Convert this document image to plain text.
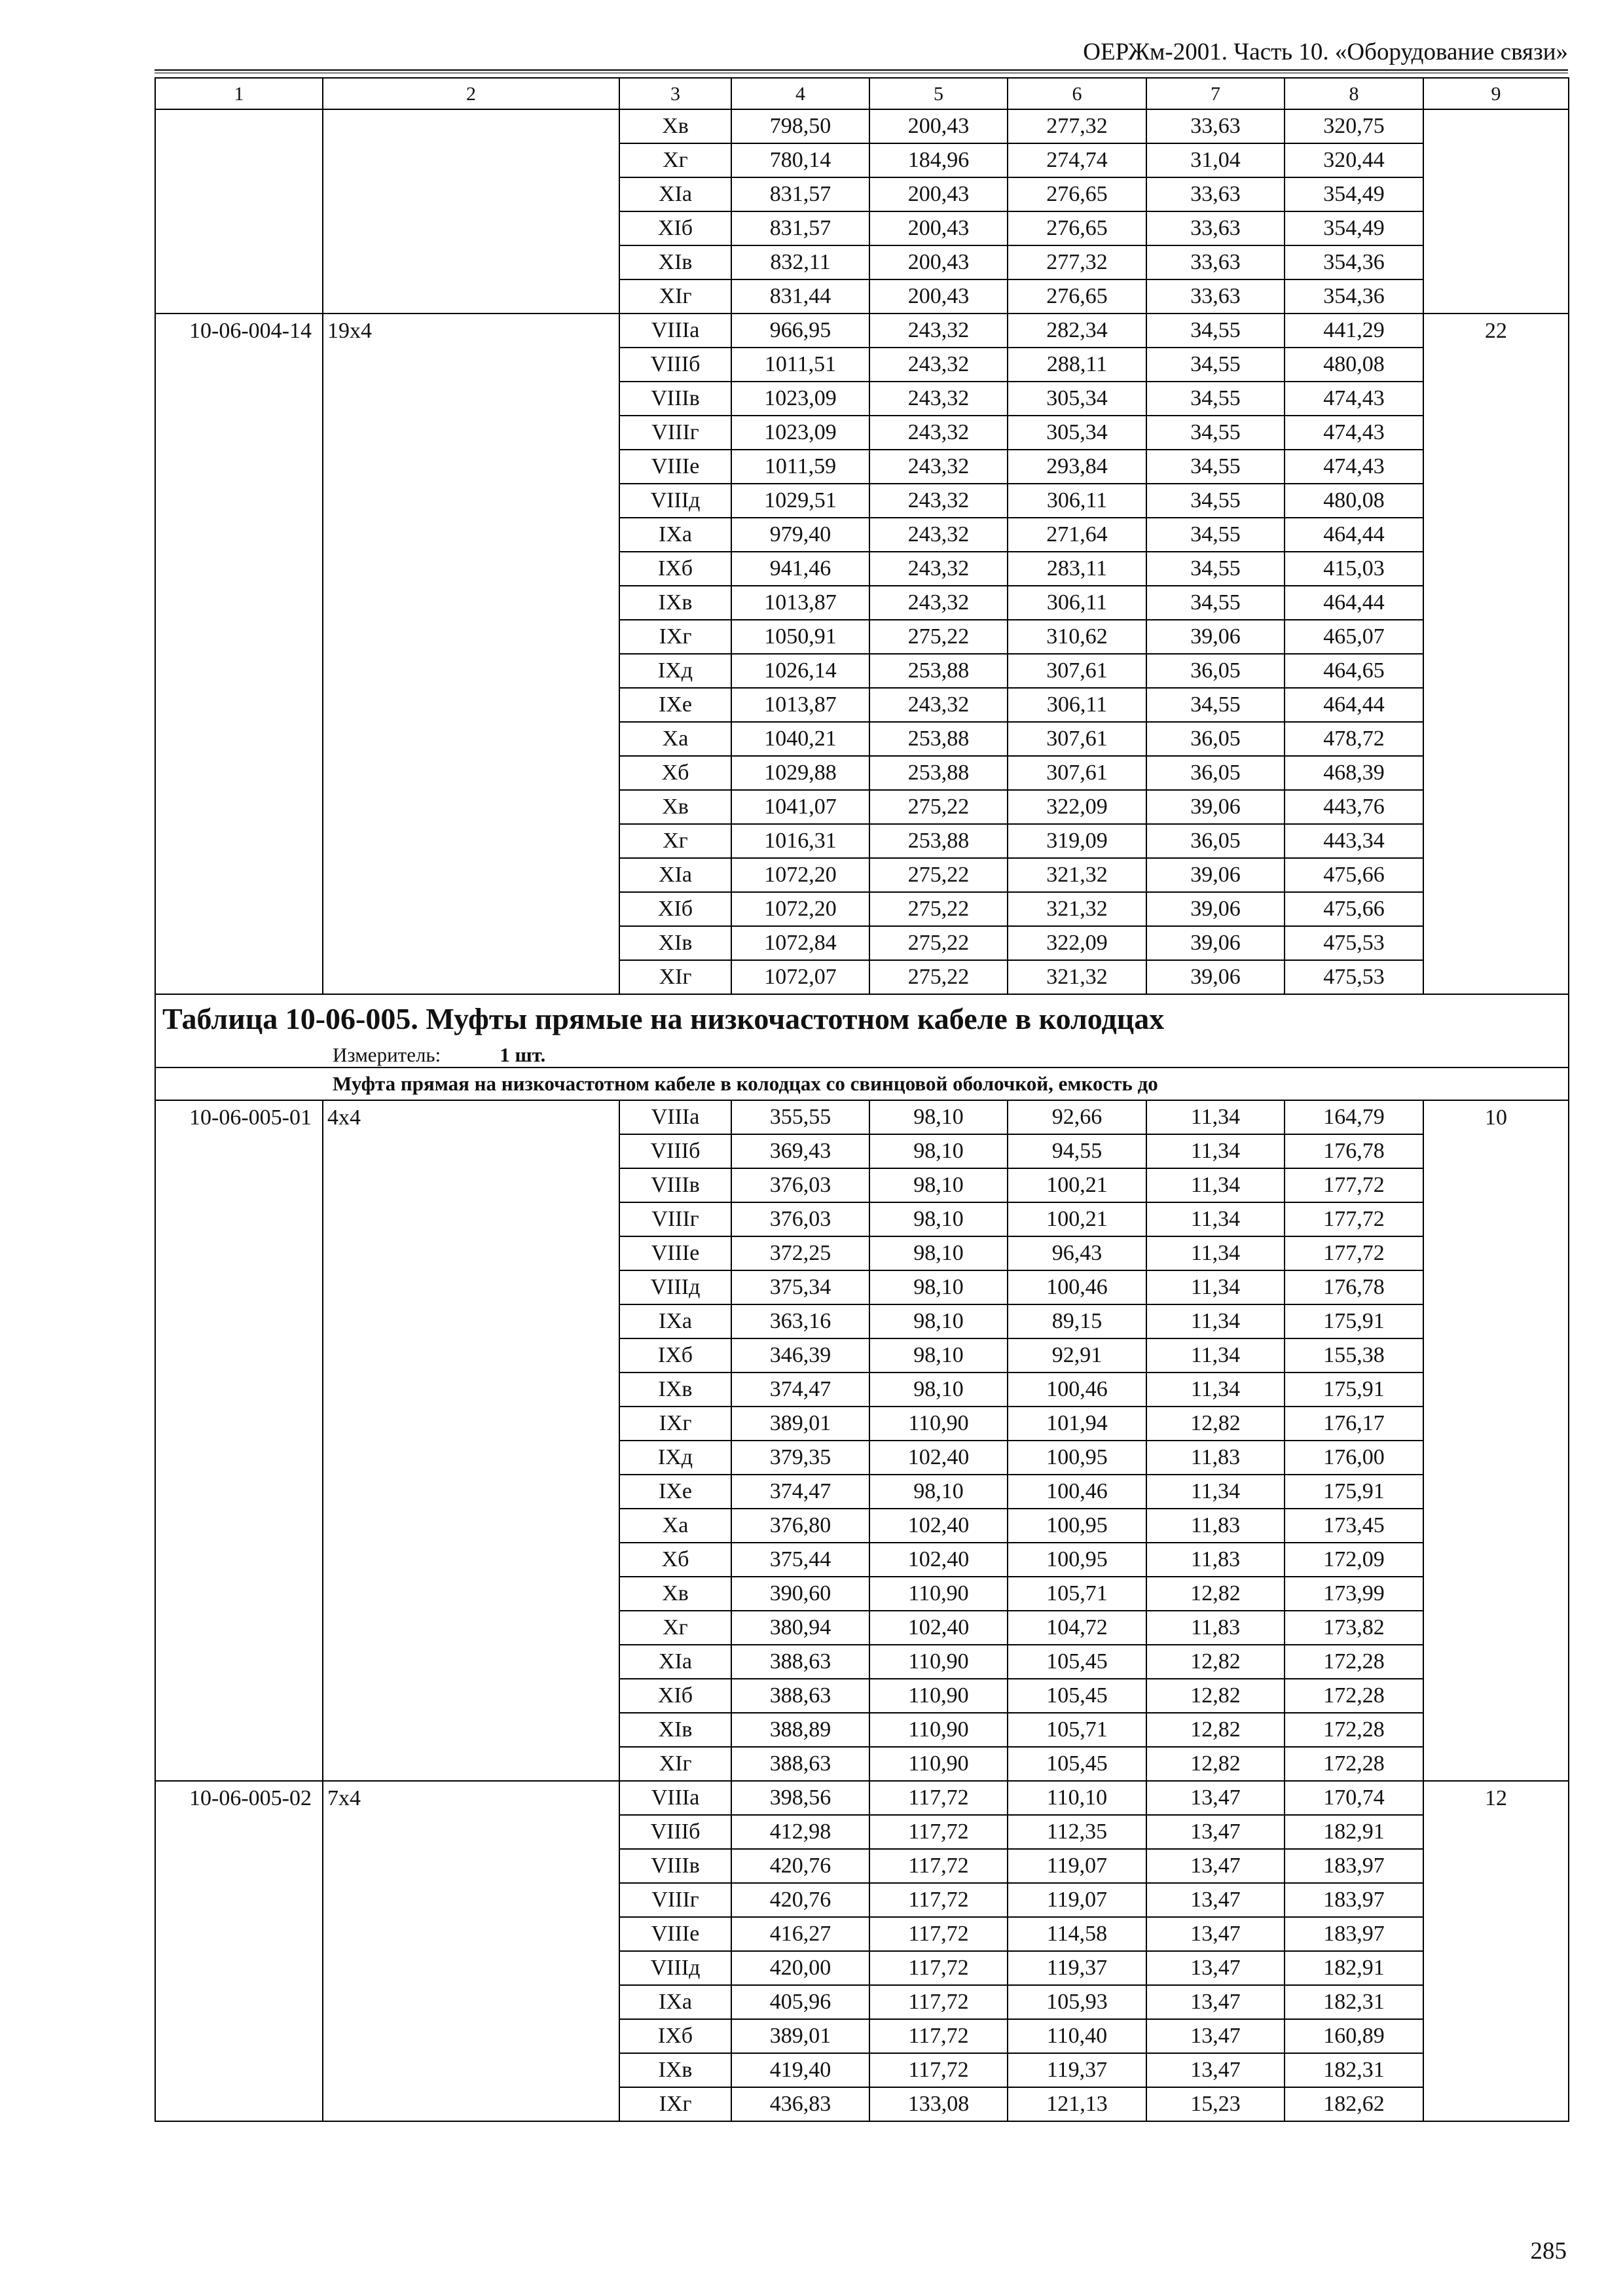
ОЕРЖм-2001. Часть 10. «Оборудование связи»
1	2	3	4	5	6	7	8	9
		Xв	798,50	200,43	277,32	33,63	320,75	
		Xг	780,14	184,96	274,74	31,04	320,44	
		XIа	831,57	200,43	276,65	33,63	354,49	
		XIб	831,57	200,43	276,65	33,63	354,49	
		XIв	832,11	200,43	277,32	33,63	354,36	
		XIг	831,44	200,43	276,65	33,63	354,36	
10-06-004-14	19х4	VIIIа	966,95	243,32	282,34	34,55	441,29	22
		VIIIб	1011,51	243,32	288,11	34,55	480,08	
		VIIIв	1023,09	243,32	305,34	34,55	474,43	
		VIIIг	1023,09	243,32	305,34	34,55	474,43	
		VIIIе	1011,59	243,32	293,84	34,55	474,43	
		VIIIд	1029,51	243,32	306,11	34,55	480,08	
		IXа	979,40	243,32	271,64	34,55	464,44	
		IXб	941,46	243,32	283,11	34,55	415,03	
		IXв	1013,87	243,32	306,11	34,55	464,44	
		IXг	1050,91	275,22	310,62	39,06	465,07	
		IXд	1026,14	253,88	307,61	36,05	464,65	
		IXе	1013,87	243,32	306,11	34,55	464,44	
		Xа	1040,21	253,88	307,61	36,05	478,72	
		Xб	1029,88	253,88	307,61	36,05	468,39	
		Xв	1041,07	275,22	322,09	39,06	443,76	
		Xг	1016,31	253,88	319,09	36,05	443,34	
		XIа	1072,20	275,22	321,32	39,06	475,66	
		XIб	1072,20	275,22	321,32	39,06	475,66	
		XIв	1072,84	275,22	322,09	39,06	475,53	
		XIг	1072,07	275,22	321,32	39,06	475,53	
Таблица 10-06-005. Муфты прямые на низкочастотном кабеле в колодцах								
Измеритель: 1 шт.								
Муфта прямая на низкочастотном кабеле в колодцах со свинцовой оболочкой, емкость до								
10-06-005-01	4х4	VIIIа	355,55	98,10	92,66	11,34	164,79	10
		VIIIб	369,43	98,10	94,55	11,34	176,78	
		VIIIв	376,03	98,10	100,21	11,34	177,72	
		VIIIг	376,03	98,10	100,21	11,34	177,72	
		VIIIе	372,25	98,10	96,43	11,34	177,72	
		VIIIд	375,34	98,10	100,46	11,34	176,78	
		IXа	363,16	98,10	89,15	11,34	175,91	
		IXб	346,39	98,10	92,91	11,34	155,38	
		IXв	374,47	98,10	100,46	11,34	175,91	
		IXг	389,01	110,90	101,94	12,82	176,17	
		IXд	379,35	102,40	100,95	11,83	176,00	
		IXе	374,47	98,10	100,46	11,34	175,91	
		Xа	376,80	102,40	100,95	11,83	173,45	
		Xб	375,44	102,40	100,95	11,83	172,09	
		Xв	390,60	110,90	105,71	12,82	173,99	
		Xг	380,94	102,40	104,72	11,83	173,82	
		XIа	388,63	110,90	105,45	12,82	172,28	
		XIб	388,63	110,90	105,45	12,82	172,28	
		XIв	388,89	110,90	105,71	12,82	172,28	
		XIг	388,63	110,90	105,45	12,82	172,28	
10-06-005-02	7х4	VIIIа	398,56	117,72	110,10	13,47	170,74	12
		VIIIб	412,98	117,72	112,35	13,47	182,91	
		VIIIв	420,76	117,72	119,07	13,47	183,97	
		VIIIг	420,76	117,72	119,07	13,47	183,97	
		VIIIе	416,27	117,72	114,58	13,47	183,97	
		VIIIд	420,00	117,72	119,37	13,47	182,91	
		IXа	405,96	117,72	105,93	13,47	182,31	
		IXб	389,01	117,72	110,40	13,47	160,89	
		IXв	419,40	117,72	119,37	13,47	182,31	
		IXг	436,83	133,08	121,13	15,23	182,62	
285
